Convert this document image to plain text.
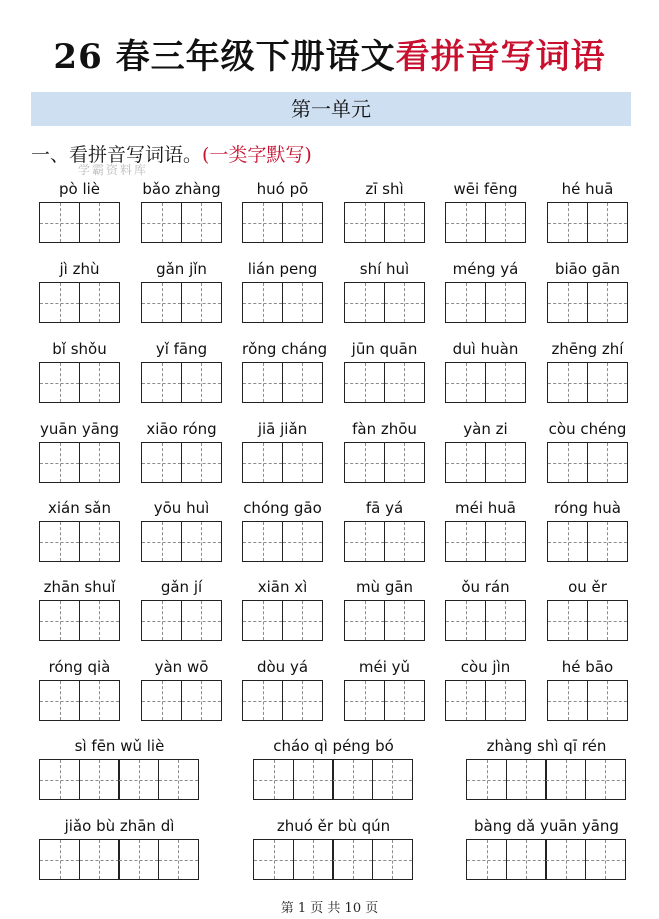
26 春三年级下册语文看拼音写词语
第一单元
一、看拼音写词语。(一类字默写)
学霸资料库
pò liè	bǎo zhàng	huó pō	zī shì	wēi fēng	hé huā
jì zhù	gǎn jǐn	lián peng	shí huì	méng yá	biāo gān
bǐ shǒu	yǐ fāng	rǒng cháng	jūn quān	duì huàn	zhēng zhí
yuān yāng	xiāo róng	jiā jiǎn	fàn zhōu	yàn zi	còu chéng
xián sǎn	yōu huì	chóng gāo	fā yá	méi huā	róng huà
zhān shuǐ	gǎn jí	xiān xì	mù gān	ǒu rán	ou ěr
róng qià	yàn wō	dòu yá	méi yǔ	còu jìn	hé bāo
sì fēn wǔ liè	cháo qì péng bó	zhàng shì qī rén
jiǎo bù zhān dì	zhuó ěr bù qún	bàng dǎ yuān yāng
第 1 页 共 10 页
